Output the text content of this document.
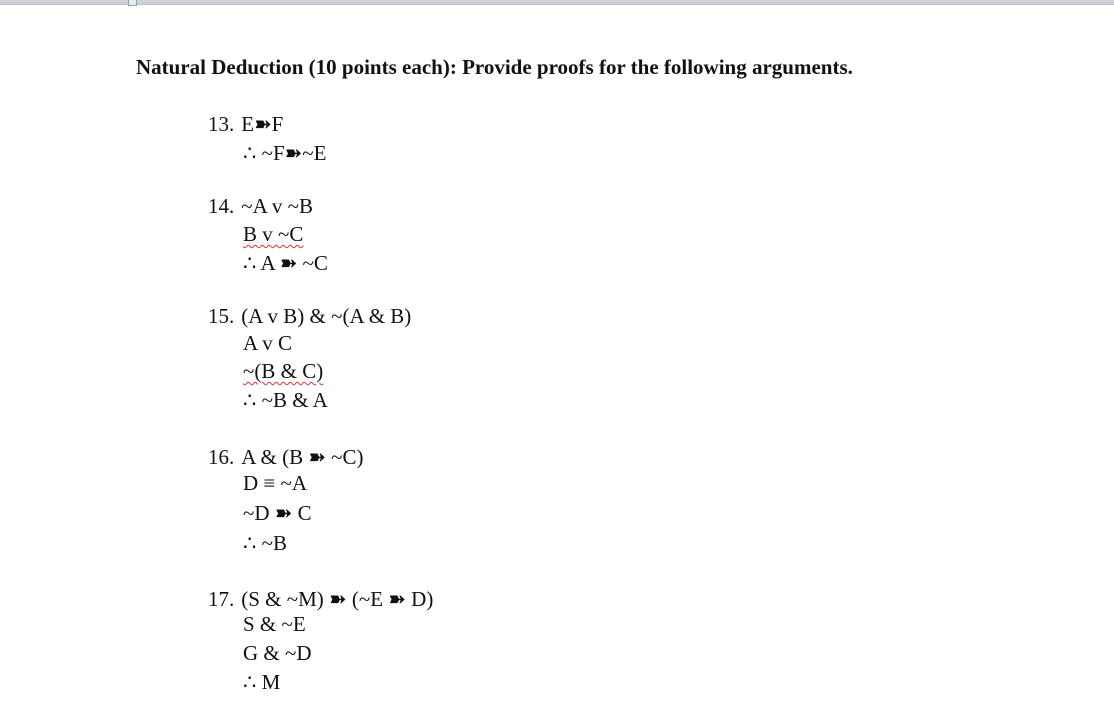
Natural Deduction (10 points each): Provide proofs for the following arguments.
13. E➽F
∴ ~F➽~E
14. ~A v ~B
B v ~C
∴ A ➽ ~C
15. (A v B) & ~(A & B)
A v C
~(B & C)
∴ ~B & A
16. A & (B ➽ ~C)
D ≡ ~A
~D ➽ C
∴ ~B
17. (S & ~M) ➽ (~E ➽ D)
S & ~E
G & ~D
∴ M
